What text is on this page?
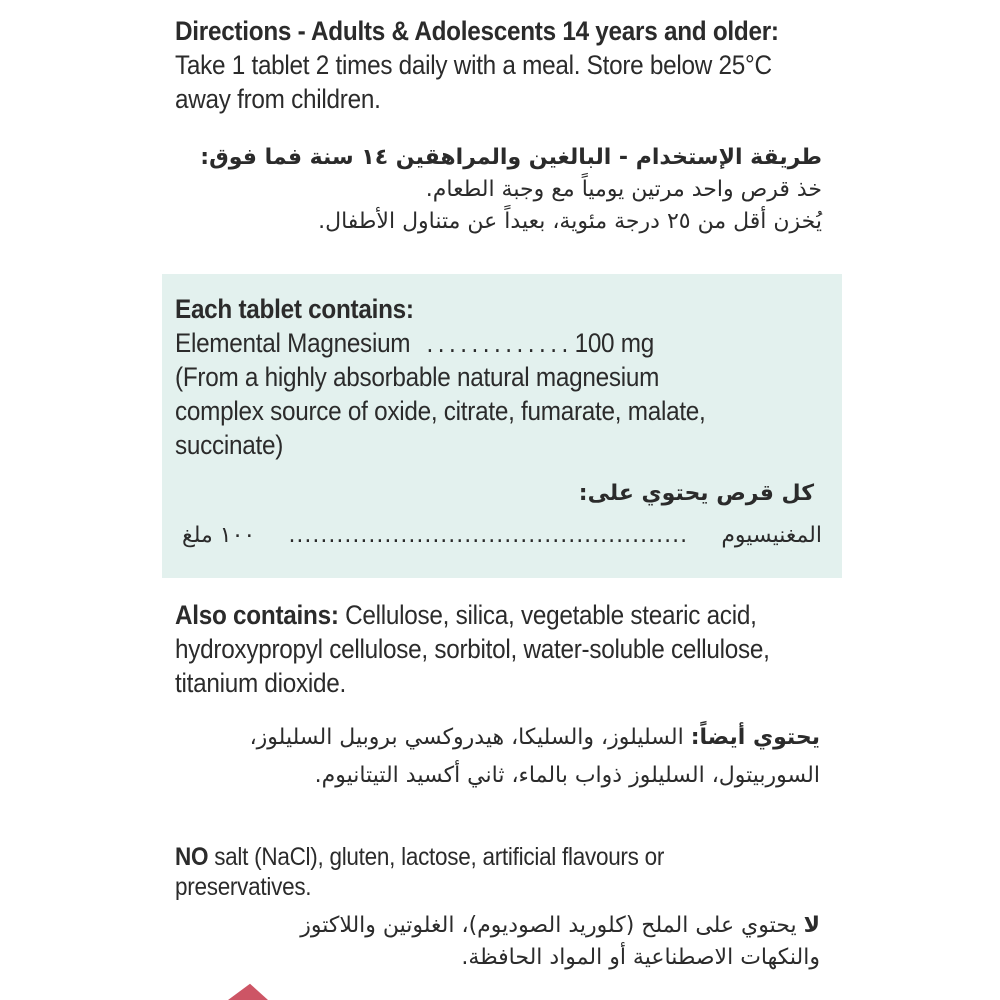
Directions - Adults & Adolescents 14 years and older: Take 1 tablet 2 times daily with a meal. Store below 25°C away from children.
طريقة الإستخدام - البالغين والمراهقين ١٤ سنة فما فوق:
خذ قرص واحد مرتين يومياً مع وجبة الطعام.
يُخزن أقل من ٢٥ درجة مئوية، بعيداً عن متناول الأطفال.
Each tablet contains:
Elemental Magnesium ............. 100 mg
(From a highly absorbable natural magnesium complex source of oxide, citrate, fumarate, malate, succinate)
كل قرص يحتوي على:
المغنيسيوم
..................................................
١٠٠ ملغ
Also contains: Cellulose, silica, vegetable stearic acid, hydroxypropyl cellulose, sorbitol, water-soluble cellulose, titanium dioxide.
يحتوي أيضاً: السليلوز، والسليكا، هيدروكسي بروبيل السليلوز،
السوربيتول، السليلوز ذواب بالماء، ثاني أكسيد التيتانيوم.
NO salt (NaCl), gluten, lactose, artificial flavours or preservatives.
لا يحتوي على الملح (كلوريد الصوديوم)، الغلوتين واللاكتوز
والنكهات الاصطناعية أو المواد الحافظة.
